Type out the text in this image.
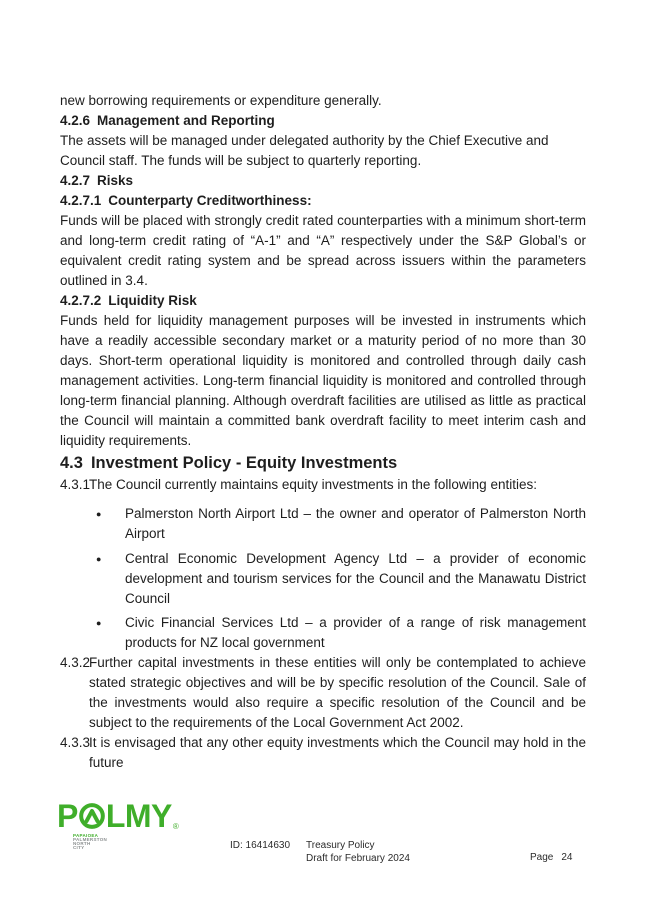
new borrowing requirements or expenditure generally.

4.2.6 Management and Reporting

The assets will be managed under delegated authority by the Chief Executive and Council staff. The funds will be subject to quarterly reporting.

4.2.7 Risks

4.2.7.1 Counterparty Creditworthiness:

Funds will be placed with strongly credit rated counterparties with a minimum short-term and long-term credit rating of “A-1” and “A” respectively under the S&P Global’s or equivalent credit rating system and be spread across issuers within the parameters outlined in 3.4.

4.2.7.2 Liquidity Risk

Funds held for liquidity management purposes will be invested in instruments which have a readily accessible secondary market or a maturity period of no more than 30 days. Short-term operational liquidity is monitored and controlled through daily cash management activities. Long-term financial liquidity is monitored and controlled through long-term financial planning. Although overdraft facilities are utilised as little as practical the Council will maintain a committed bank overdraft facility to meet interim cash and liquidity requirements.

4.3 Investment Policy - Equity Investments

4.3.1The Council currently maintains equity investments in the following entities:

● Palmerston North Airport Ltd – the owner and operator of Palmerston North Airport
● Central Economic Development Agency Ltd – a provider of economic development and tourism services for the Council and the Manawatu District Council
● Civic Financial Services Ltd – a provider of a range of risk management products for NZ local government

4.3.2Further capital investments in these entities will only be contemplated to achieve stated strategic objectives and will be by specific resolution of the Council. Sale of the investments would also require a specific resolution of the Council and be subject to the requirements of the Local Government Act 2002.

4.3.3It is envisaged that any other equity investments which the Council may hold in the future

P LMY ®
PAPAIOEA
PALMERSTON
NORTH
CITY	ID: 16414630 Treasury Policy
Draft for February 2024	Page 24
